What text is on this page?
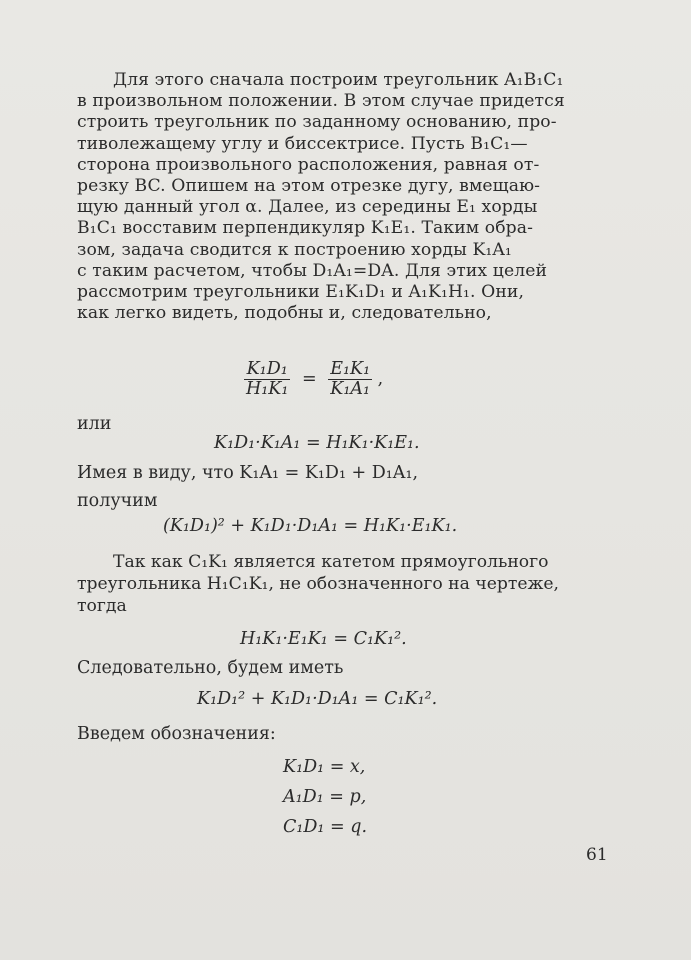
Для этого сначала построим треугольник A₁B₁C₁

в произвольном положении. В этом случае придется

строить треугольник по заданному основанию, про-

тиволежащему углу и биссектрисе. Пусть B₁C₁—

сторона произвольного расположения, равная от-

резку BC. Опишем на этом отрезке дугу, вмещаю-

щую данный угол α. Далее, из середины E₁ хорды

B₁C₁ восставим перпендикуляр K₁E₁. Таким обра-

зом, задача сводится к построению хорды K₁A₁

с таким расчетом, чтобы D₁A₁=DA. Для этих целей

рассмотрим треугольники E₁K₁D₁ и A₁K₁H₁. Они,

как легко видеть, подобны и, следовательно,

$\frac{\text{K₁D₁}}{\text{H₁K₁}} = \frac{\text{E₁K₁}}{\text{K₁A₁}}$ ,
или
K₁D₁·K₁A₁ = H₁K₁·K₁E₁.
Имея в виду, что K₁A₁ = K₁D₁ + D₁A₁,
получим
(K₁D₁)² + K₁D₁·D₁A₁ = H₁K₁·E₁K₁.
Так как C₁K₁ является катетом прямоугольного
треугольника H₁C₁K₁, не обозначенного на чертеже,
тогда
H₁K₁·E₁K₁ = C₁K₁².
Следовательно, будем иметь
K₁D₁² + K₁D₁·D₁A₁ = C₁K₁².
Введем обозначения:
K₁D₁ = x,
A₁D₁ = p,
C₁D₁ = q.
61
